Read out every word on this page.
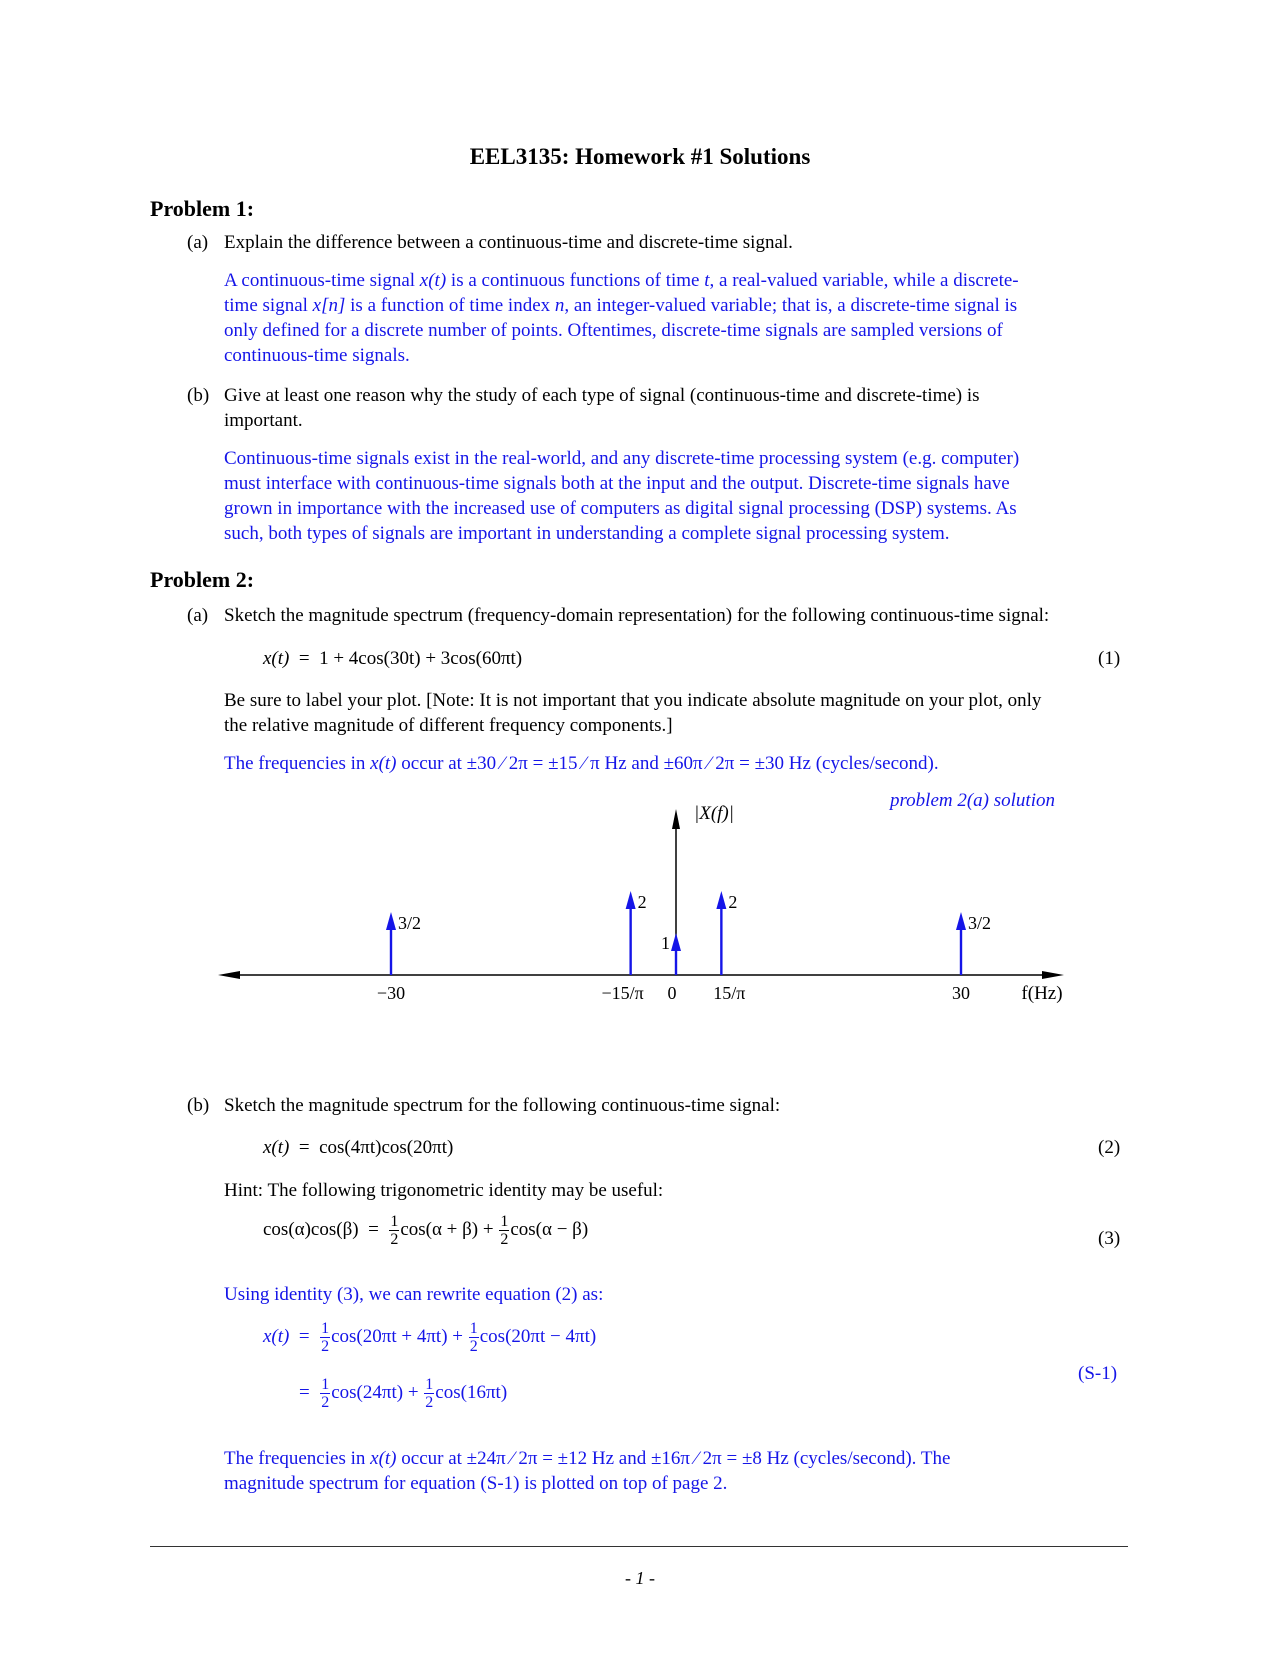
EEL3135: Homework #1 Solutions
Problem 1:
(a) Explain the difference between a continuous-time and discrete-time signal.
A continuous-time signal x(t) is a continuous functions of time t, a real-valued variable, while a discrete-
time signal x[n] is a function of time index n, an integer-valued variable; that is, a discrete-time signal is
only defined for a discrete number of points. Oftentimes, discrete-time signals are sampled versions of
continuous-time signals.
(b) Give at least one reason why the study of each type of signal (continuous-time and discrete-time) is
important.
Continuous-time signals exist in the real-world, and any discrete-time processing system (e.g. computer)
must interface with continuous-time signals both at the input and the output. Discrete-time signals have
grown in importance with the increased use of computers as digital signal processing (DSP) systems. As
such, both types of signals are important in understanding a complete signal processing system.
Problem 2:
(a) Sketch the magnitude spectrum (frequency-domain representation) for the following continuous-time signal:
x(t)  =  1 + 4cos(30t) + 3cos(60πt)	(1)
Be sure to label your plot. [Note: It is not important that you indicate absolute magnitude on your plot, only
the relative magnitude of different frequency components.]
The frequencies in x(t) occur at ±30 ⁄ 2π = ±15 ⁄ π Hz and ±60π ⁄ 2π = ±30 Hz (cycles/second).
|X(f)|
f(Hz)
problem 2(a) solution
3/2
−30
2
−15/π
1
0
2
15/π
3/2
30
(b) Sketch the magnitude spectrum for the following continuous-time signal:
x(t)  =  cos(4πt)cos(20πt)	(2)
Hint: The following trigonometric identity may be useful:
$\cos(\alpha)\cos(\beta) = \frac{1}{2} \cos(\alpha + \beta) + \frac{1}{2} \cos(\alpha - \beta)$	(3)
Using identity (3), we can rewrite equation (2) as:
$x(t) = \frac{1}{2} \cos(20\pi t + 4\pi t) + \frac{1}{2} \cos(20\pi t - 4\pi t)$
(S-1)
= $\frac{1}{2} \cos(24\pi t) + \frac{1}{2} \cos(16\pi t)$
The frequencies in x(t) occur at ±24π ⁄ 2π = ±12 Hz and ±16π ⁄ 2π = ±8 Hz (cycles/second). The
magnitude spectrum for equation (S-1) is plotted on top of page 2.
- 1 -
